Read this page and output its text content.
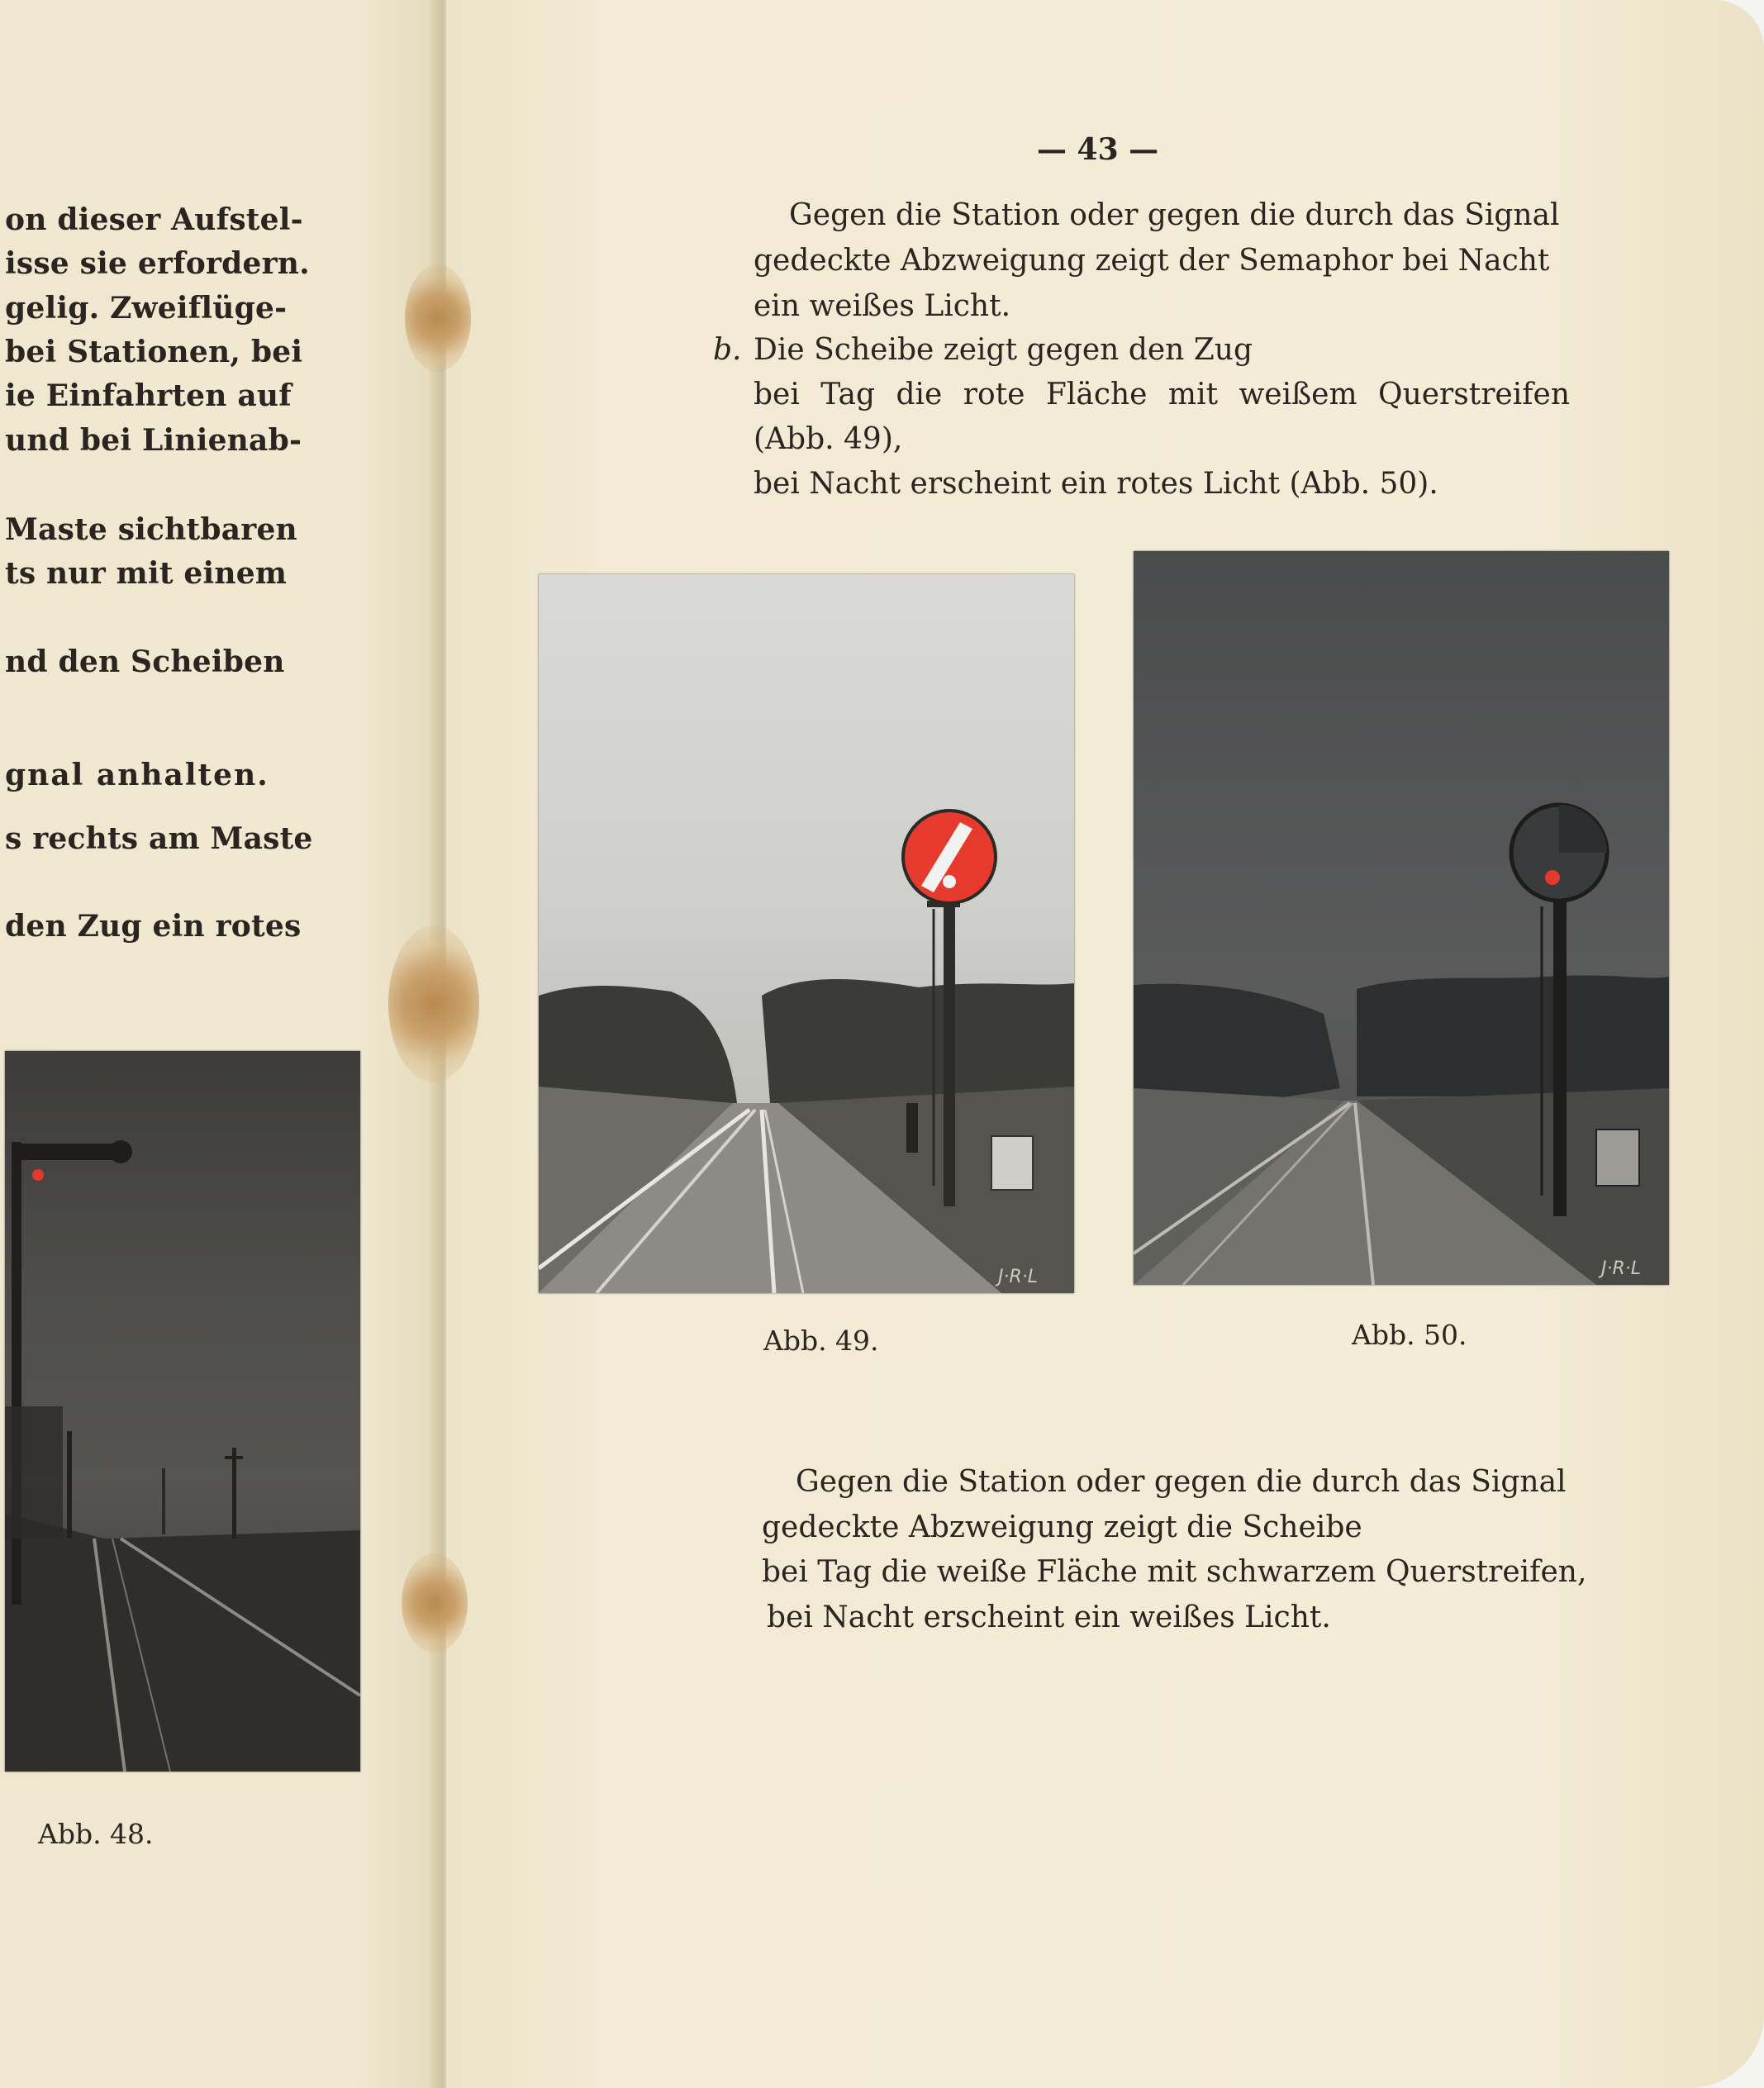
on dieser Aufstel-
isse sie erfordern.
gelig. Zweiflüge-
bei Stationen, bei
ie Einfahrten auf
und bei Linienab-
Maste sichtbaren
ts nur mit einem
nd den Scheiben
gnal anhalten.
s rechts am Maste
den Zug ein rotes
Abb. 48.
— 43 —
Gegen die Station oder gegen die durch das Signal
gedeckte Abzweigung zeigt der Semaphor bei Nacht
ein weißes Licht.
b. Die Scheibe zeigt gegen den Zug
bei Tag die rote Fläche mit weißem Querstreifen
(Abb. 49),
bei Nacht erscheint ein rotes Licht (Abb. 50).
J·R·L	J·R·L
Abb. 49.	Abb. 50.
Gegen die Station oder gegen die durch das Signal
gedeckte Abzweigung zeigt die Scheibe
bei Tag die weiße Fläche mit schwarzem Querstreifen,
bei Nacht erscheint ein weißes Licht.
